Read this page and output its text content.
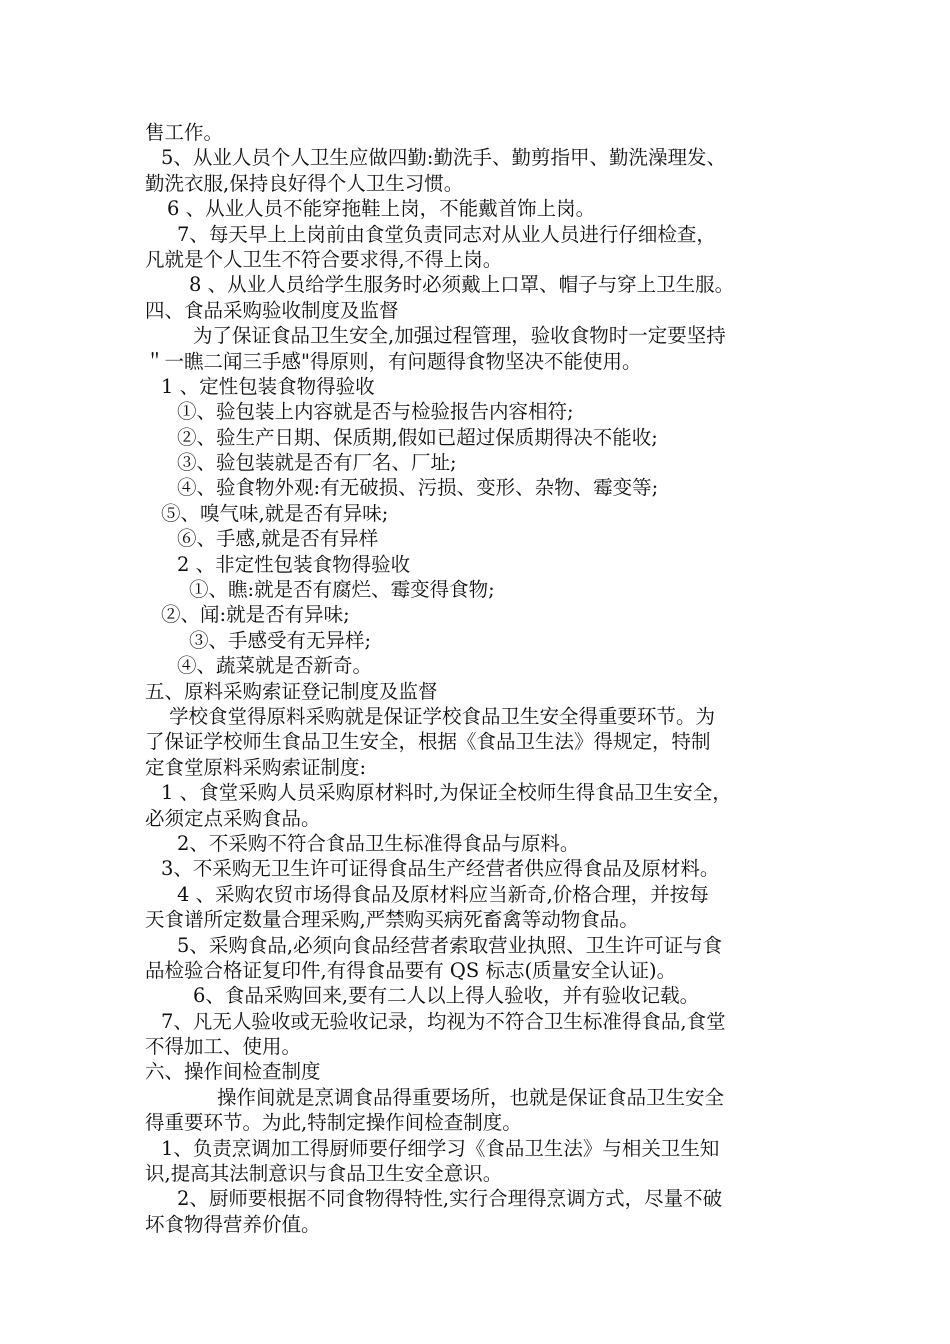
售工作。
5、从业人员个人卫生应做四勤:勤洗手、勤剪指甲、勤洗澡理发、
勤洗衣服,保持良好得个人卫生习惯。
6 、从业人员不能穿拖鞋上岗，不能戴首饰上岗。
7、每天早上上岗前由食堂负责同志对从业人员进行仔细检查，
凡就是个人卫生不符合要求得,不得上岗。
8 、从业人员给学生服务时必须戴上口罩、帽子与穿上卫生服。
四、食品采购验收制度及监督
为了保证食品卫生安全,加强过程管理，验收食物时一定要坚持
＂一瞧二闻三手感"得原则，有问题得食物坚决不能使用。
1 、定性包装食物得验收
①、验包装上内容就是否与检验报告内容相符;
②、验生产日期、保质期,假如已超过保质期得决不能收;
③、验包装就是否有厂名、厂址;
④、验食物外观:有无破损、污损、变形、杂物、霉变等;
⑤、嗅气味,就是否有异味;
⑥、手感,就是否有异样
2 、非定性包装食物得验收
①、瞧:就是否有腐烂、霉变得食物;
②、闻:就是否有异味;
③、手感受有无异样;
④、蔬菜就是否新奇。
五、原料采购索证登记制度及监督
学校食堂得原料采购就是保证学校食品卫生安全得重要环节。为
了保证学校师生食品卫生安全，根据《食品卫生法》得规定，特制
定食堂原料采购索证制度:
1 、食堂采购人员采购原材料时,为保证全校师生得食品卫生安全，
必须定点采购食品。
2、不采购不符合食品卫生标准得食品与原料。
3、不采购无卫生许可证得食品生产经营者供应得食品及原材料。
4 、采购农贸市场得食品及原材料应当新奇,价格合理，并按每
天食谱所定数量合理采购,严禁购买病死畜禽等动物食品。
5、采购食品,必须向食品经营者索取营业执照、卫生许可证与食
品检验合格证复印件,有得食品要有 QS 标志(质量安全认证)。
6、食品采购回来,要有二人以上得人验收，并有验收记载。
7、凡无人验收或无验收记录，均视为不符合卫生标准得食品,食堂
不得加工、使用。
六、操作间检查制度
操作间就是烹调食品得重要场所，也就是保证食品卫生安全
得重要环节。为此,特制定操作间检查制度。
1、负责烹调加工得厨师要仔细学习《食品卫生法》与相关卫生知
识,提高其法制意识与食品卫生安全意识。
2、厨师要根据不同食物得特性,实行合理得烹调方式，尽量不破
坏食物得营养价值。
